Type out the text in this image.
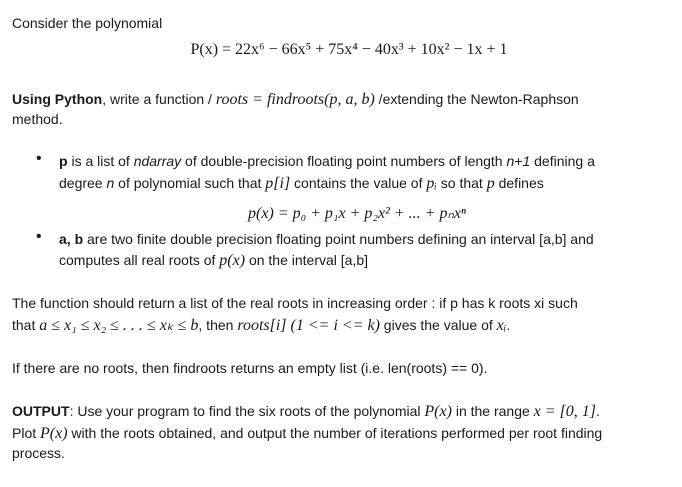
Consider the polynomial
P(x) = 22x⁶ − 66x⁵ + 75x⁴ − 40x³ + 10x² − 1x + 1
Using Python, write a function / roots = findroots(p, a, b) /extending the Newton-Raphson
method.
• p is a list of ndarray of double-precision floating point numbers of length n+1 defining a
degree n of polynomial such that p[i] contains the value of pᵢ so that p defines
p(x) = p₀ + p₁x + p₂x² + ... + pₙxⁿ
• a, b are two finite double precision floating point numbers defining an interval [a,b] and
computes all real roots of p(x) on the interval [a,b]
The function should return a list of the real roots in increasing order : if p has k roots xi such
that a ≤ x₁ ≤ x₂ ≤ . . . ≤ xₖ ≤ b, then roots[i] (1 <= i <= k) gives the value of xᵢ.
If there are no roots, then findroots returns an empty list (i.e. len(roots) == 0).
OUTPUT: Use your program to find the six roots of the polynomial P(x) in the range x = [0, 1].
Plot P(x) with the roots obtained, and output the number of iterations performed per root finding
process.
